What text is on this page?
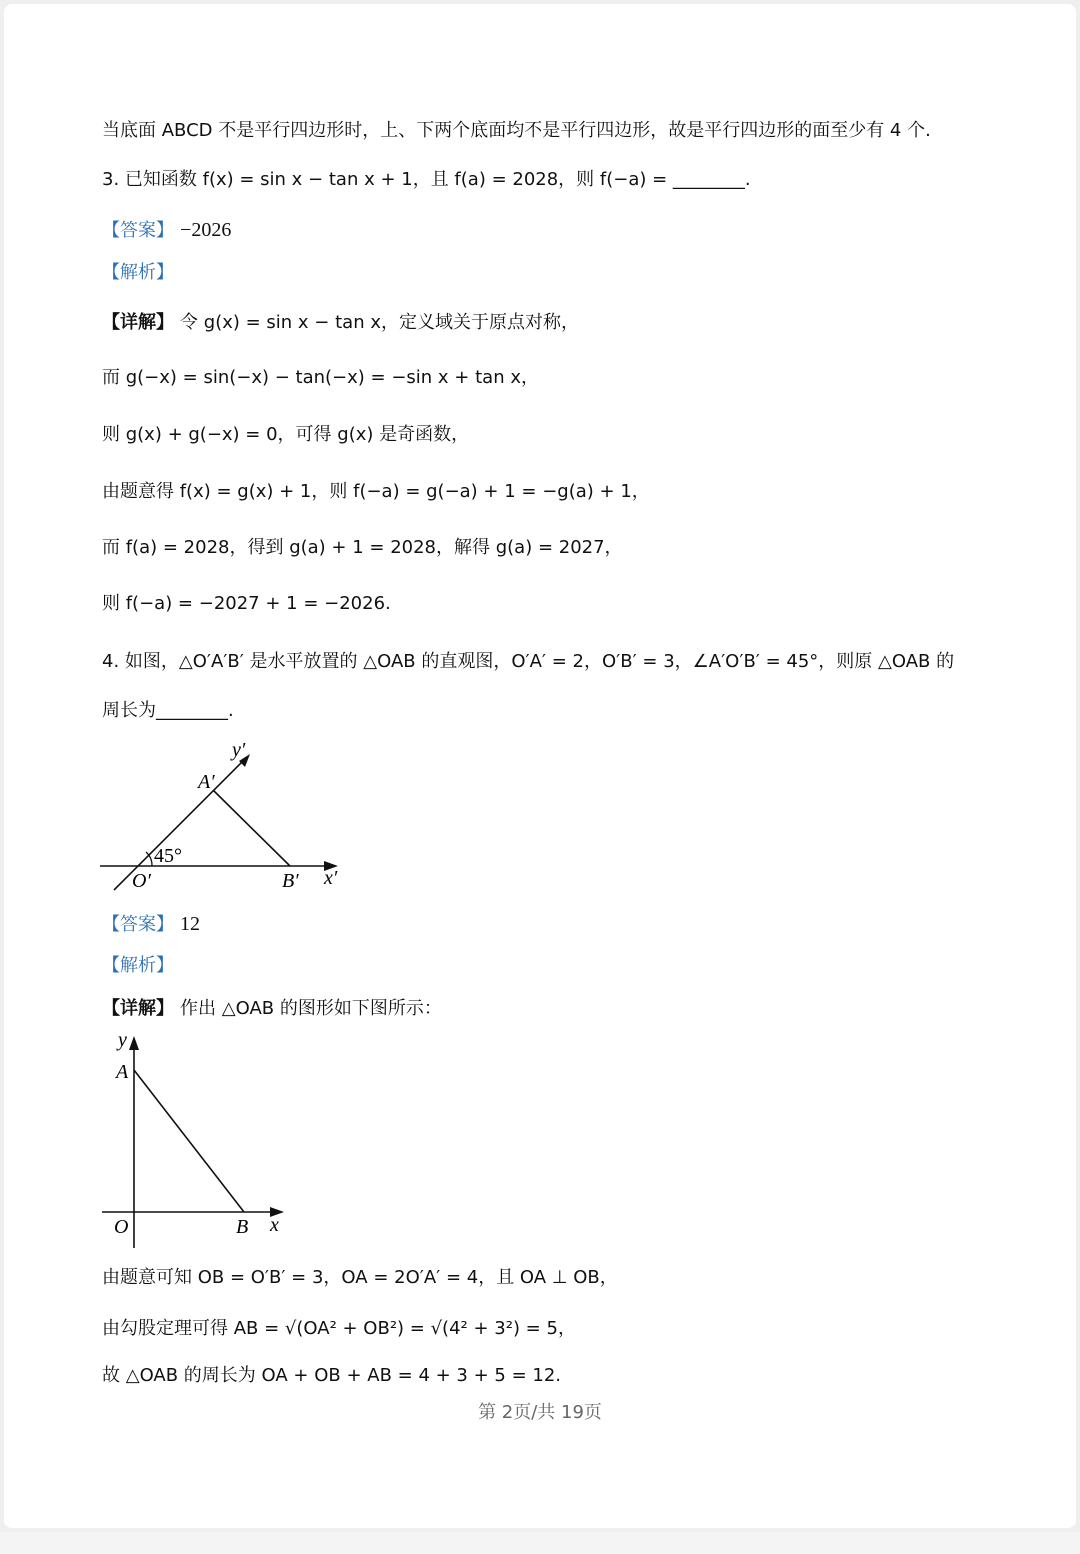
当底面 ABCD 不是平行四边形时，上、下两个底面均不是平行四边形，故是平行四边形的面至少有 4 个.
3. 已知函数 f(x) = sin x − tan x + 1，且 f(a) = 2028，则 f(−a) = ________.
【答案】 −2026
【解析】
【详解】 令 g(x) = sin x − tan x，定义域关于原点对称，
而 g(−x) = sin(−x) − tan(−x) = −sin x + tan x，
则 g(x) + g(−x) = 0，可得 g(x) 是奇函数，
由题意得 f(x) = g(x) + 1，则 f(−a) = g(−a) + 1 = −g(a) + 1，
而 f(a) = 2028，得到 g(a) + 1 = 2028，解得 g(a) = 2027，
则 f(−a) = −2027 + 1 = −2026.
4. 如图，△O′A′B′ 是水平放置的 △OAB 的直观图，O′A′ = 2，O′B′ = 3，∠A′O′B′ = 45°，则原 △OAB 的
周长为________.
y′
A′
45°
O′	B′ x′
【答案】 12
【解析】
【详解】 作出 △OAB 的图形如下图所示：
y
A
O	B x
由题意可知 OB = O′B′ = 3，OA = 2O′A′ = 4，且 OA ⊥ OB，
由勾股定理可得 AB = √(OA² + OB²) = √(4² + 3²) = 5，
故 △OAB 的周长为 OA + OB + AB = 4 + 3 + 5 = 12.
第 2页/共 19页
